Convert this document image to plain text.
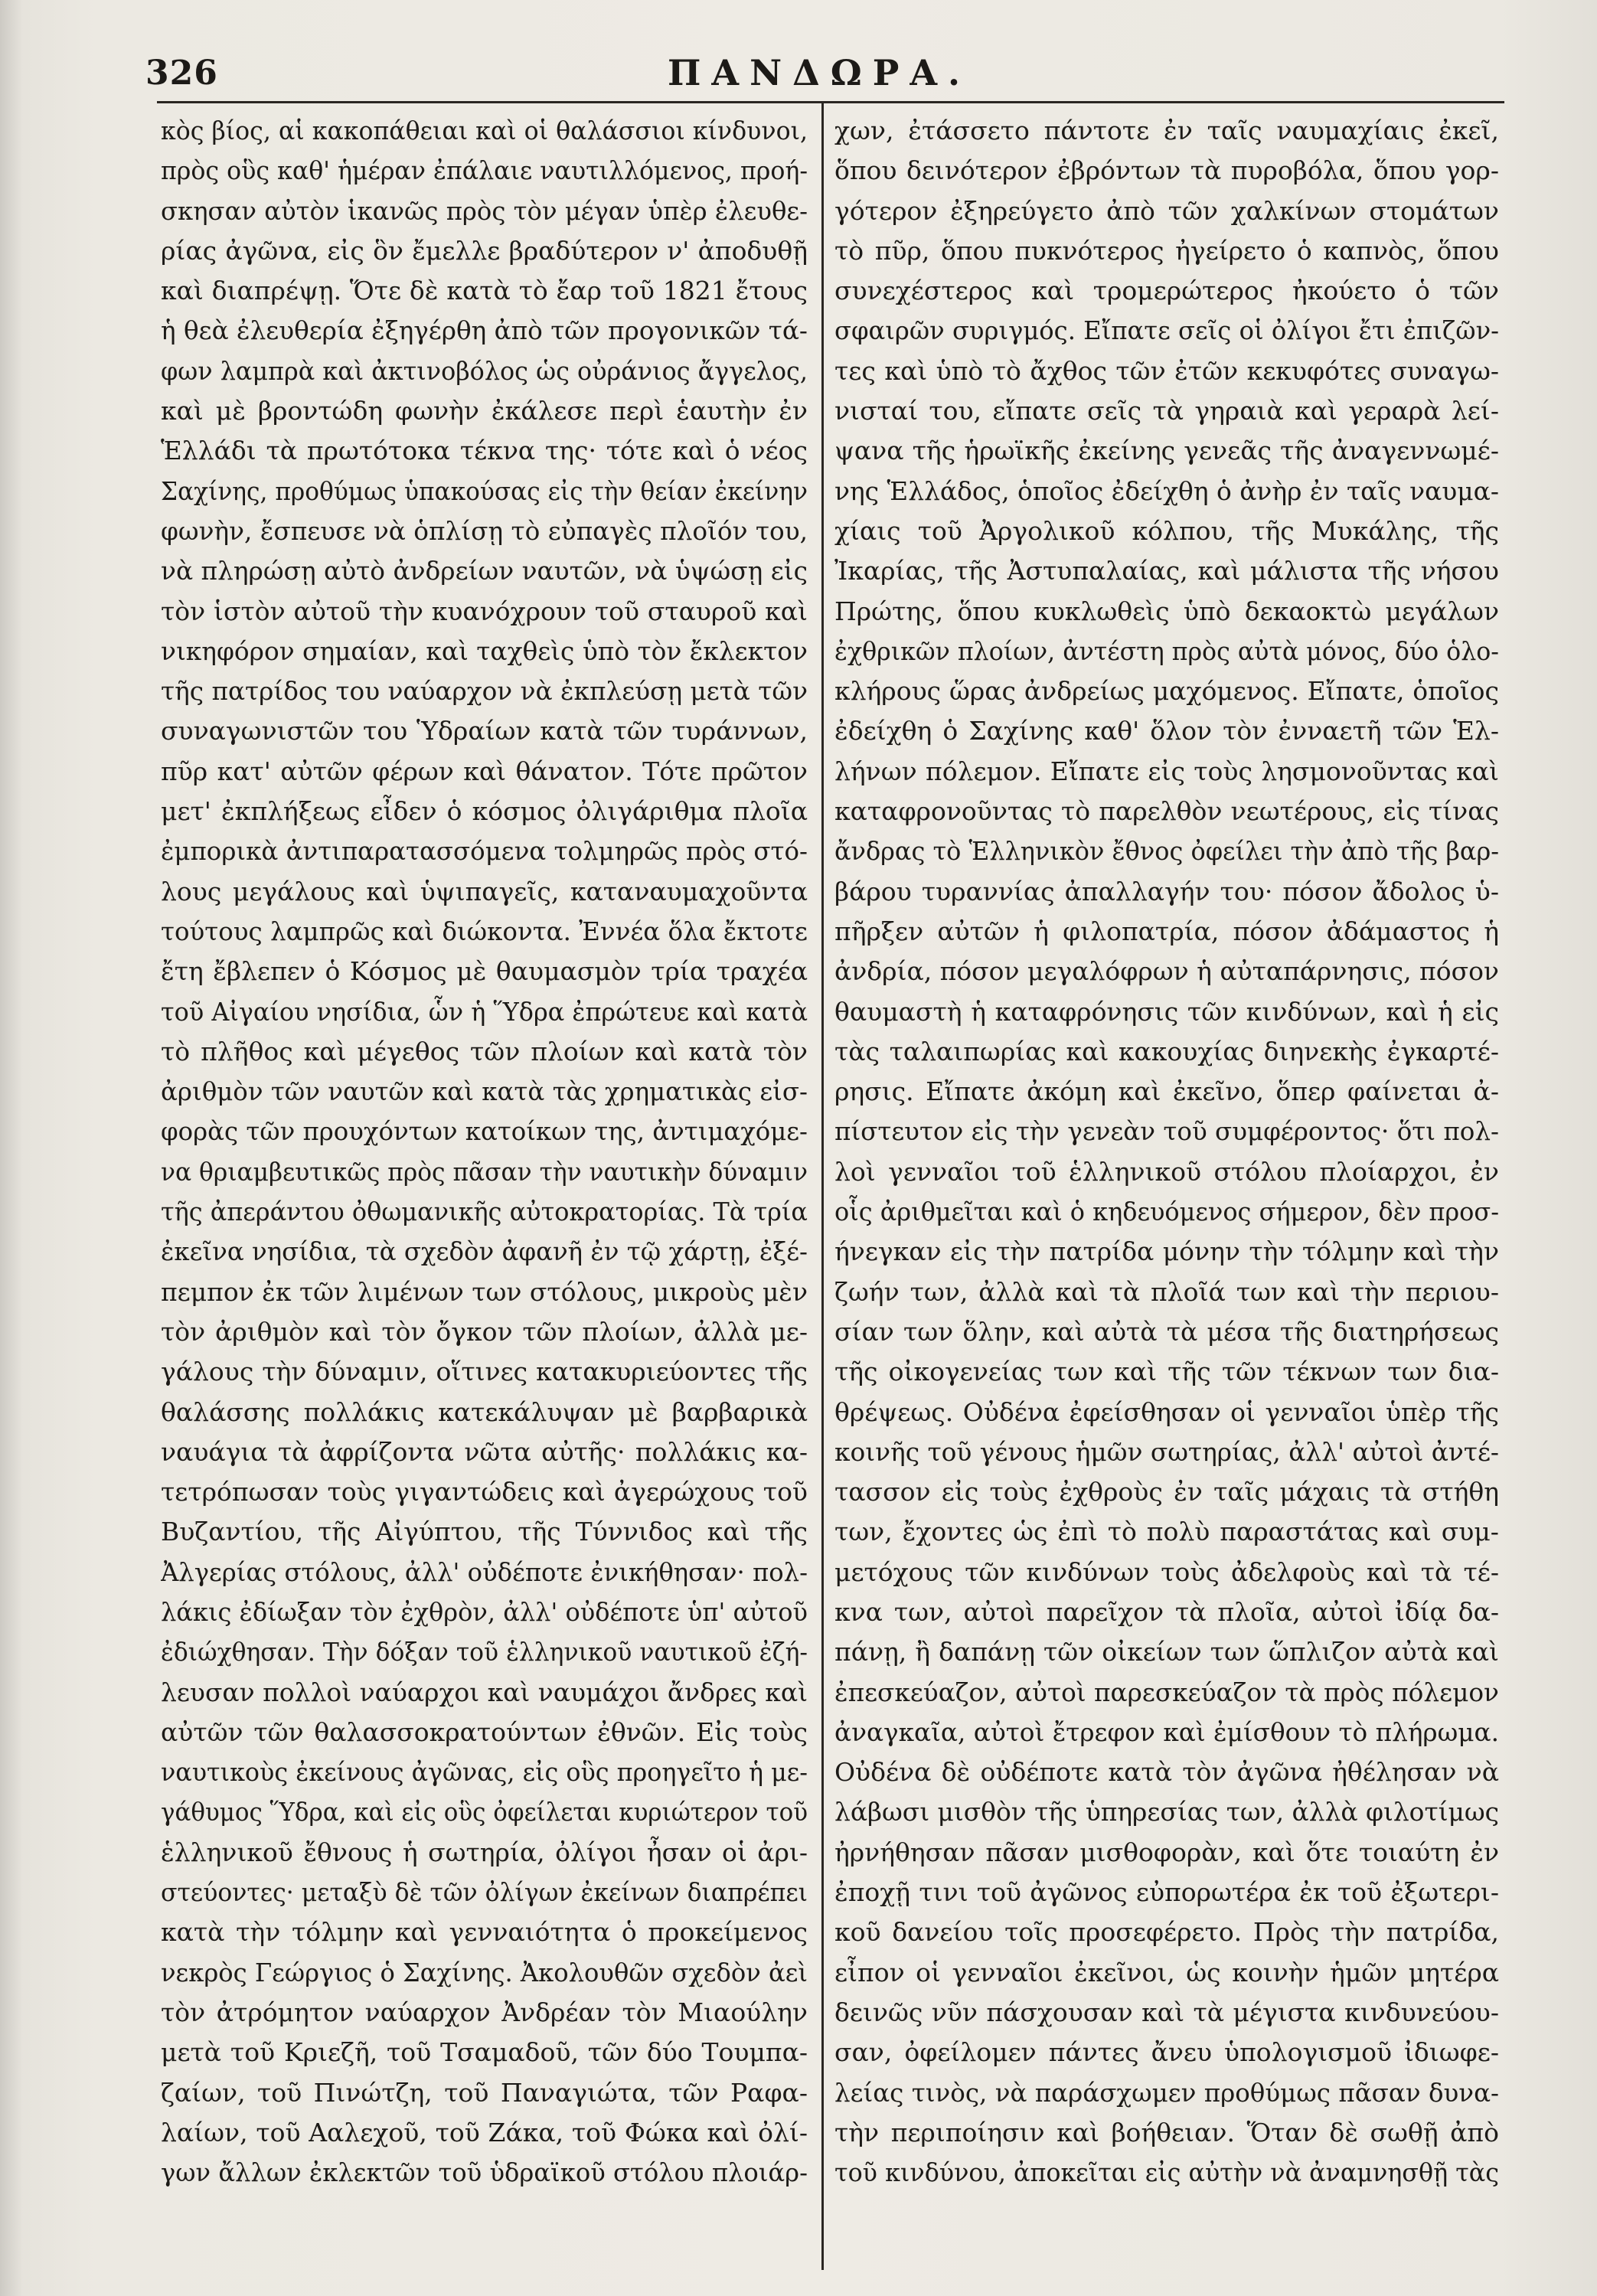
326	ΠΑΝΔΩΡΑ.
κὸς βίος, αἱ κακοπάθειαι καὶ οἱ θαλάσσιοι κίνδυνοι,
πρὸς οὓς καθ' ἡμέραν ἐπάλαιε ναυτιλλόμενος, προή-
σκησαν αὐτὸν ἱκανῶς πρὸς τὸν μέγαν ὑπὲρ ἐλευθε-
ρίας ἀγῶνα, εἰς ὃν ἔμελλε βραδύτερον ν' ἀποδυθῇ
καὶ διαπρέψῃ. Ὅτε δὲ κατὰ τὸ ἔαρ τοῦ 1821 ἔτους
ἡ θεὰ ἐλευθερία ἐξηγέρθη ἀπὸ τῶν προγονικῶν τά-
φων λαμπρὰ καὶ ἀκτινοβόλος ὡς οὐράνιος ἄγγελος,
καὶ μὲ βροντώδη φωνὴν ἐκάλεσε περὶ ἑαυτὴν ἐν
Ἑλλάδι τὰ πρωτότοκα τέκνα της· τότε καὶ ὁ νέος
Σαχίνης, προθύμως ὑπακούσας εἰς τὴν θείαν ἐκείνην
φωνὴν, ἔσπευσε νὰ ὁπλίσῃ τὸ εὐπαγὲς πλοῖόν του,
νὰ πληρώσῃ αὐτὸ ἀνδρείων ναυτῶν, νὰ ὑψώσῃ εἰς
τὸν ἱστὸν αὐτοῦ τὴν κυανόχρουν τοῦ σταυροῦ καὶ
νικηφόρον σημαίαν, καὶ ταχθεὶς ὑπὸ τὸν ἔκλεκτον
τῆς πατρίδος του ναύαρχον νὰ ἐκπλεύσῃ μετὰ τῶν
συναγωνιστῶν του Ὑδραίων κατὰ τῶν τυράννων,
πῦρ κατ' αὐτῶν φέρων καὶ θάνατον. Τότε πρῶτον
μετ' ἐκπλήξεως εἶδεν ὁ κόσμος ὀλιγάριθμα πλοῖα
ἐμπορικὰ ἀντιπαρατασσόμενα τολμηρῶς πρὸς στό-
λους μεγάλους καὶ ὑψιπαγεῖς, καταναυμαχοῦντα
τούτους λαμπρῶς καὶ διώκοντα. Ἐννέα ὅλα ἔκτοτε
ἔτη ἔβλεπεν ὁ Κόσμος μὲ θαυμασμὸν τρία τραχέα
τοῦ Αἰγαίου νησίδια, ὧν ἡ Ὕδρα ἐπρώτευε καὶ κατὰ
τὸ πλῆθος καὶ μέγεθος τῶν πλοίων καὶ κατὰ τὸν
ἀριθμὸν τῶν ναυτῶν καὶ κατὰ τὰς χρηματικὰς εἰσ-
φορὰς τῶν προυχόντων κατοίκων της, ἀντιμαχόμε-
να θριαμβευτικῶς πρὸς πᾶσαν τὴν ναυτικὴν δύναμιν
τῆς ἀπεράντου ὀθωμανικῆς αὐτοκρατορίας. Τὰ τρία
ἐκεῖνα νησίδια, τὰ σχεδὸν ἀφανῆ ἐν τῷ χάρτῃ, ἐξέ-
πεμπον ἐκ τῶν λιμένων των στόλους, μικροὺς μὲν
τὸν ἀριθμὸν καὶ τὸν ὄγκον τῶν πλοίων, ἀλλὰ με-
γάλους τὴν δύναμιν, οἵτινες κατακυριεύοντες τῆς
θαλάσσης πολλάκις κατεκάλυψαν μὲ βαρβαρικὰ
ναυάγια τὰ ἀφρίζοντα νῶτα αὐτῆς· πολλάκις κα-
τετρόπωσαν τοὺς γιγαντώδεις καὶ ἀγερώχους τοῦ
Βυζαντίου, τῆς Αἰγύπτου, τῆς Τύννιδος καὶ τῆς
Ἀλγερίας στόλους, ἀλλ' οὐδέποτε ἐνικήθησαν· πολ-
λάκις ἐδίωξαν τὸν ἐχθρὸν, ἀλλ' οὐδέποτε ὑπ' αὐτοῦ
ἐδιώχθησαν. Τὴν δόξαν τοῦ ἑλληνικοῦ ναυτικοῦ ἐζή-
λευσαν πολλοὶ ναύαρχοι καὶ ναυμάχοι ἄνδρες καὶ
αὐτῶν τῶν θαλασσοκρατούντων ἐθνῶν. Εἰς τοὺς
ναυτικοὺς ἐκείνους ἀγῶνας, εἰς οὓς προηγεῖτο ἡ με-
γάθυμος Ὕδρα, καὶ εἰς οὓς ὀφείλεται κυριώτερον τοῦ
ἑλληνικοῦ ἔθνους ἡ σωτηρία, ὀλίγοι ἦσαν οἱ ἀρι-
στεύοντες· μεταξὺ δὲ τῶν ὀλίγων ἐκείνων διαπρέπει
κατὰ τὴν τόλμην καὶ γενναιότητα ὁ προκείμενος
νεκρὸς Γεώργιος ὁ Σαχίνης. Ἀκολουθῶν σχεδὸν ἀεὶ
τὸν ἀτρόμητον ναύαρχον Ἀνδρέαν τὸν Μιαούλην
μετὰ τοῦ Κριεζῆ, τοῦ Τσαμαδοῦ, τῶν δύο Τουμπα-
ζαίων, τοῦ Πινώτζη, τοῦ Παναγιώτα, τῶν Ραφα-
λαίων, τοῦ Ααλεχοῦ, τοῦ Ζάκα, τοῦ Φώκα καὶ ὀλί-
γων ἄλλων ἐκλεκτῶν τοῦ ὑδραϊκοῦ στόλου πλοιάρ-
χων, ἐτάσσετο πάντοτε ἐν ταῖς ναυμαχίαις ἐκεῖ,
ὅπου δεινότερον ἐβρόντων τὰ πυροβόλα, ὅπου γορ-
γότερον ἐξηρεύγετο ἀπὸ τῶν χαλκίνων στομάτων
τὸ πῦρ, ὅπου πυκνότερος ἠγείρετο ὁ καπνὸς, ὅπου
συνεχέστερος καὶ τρομερώτερος ἠκούετο ὁ τῶν
σφαιρῶν συριγμός. Εἴπατε σεῖς οἱ ὀλίγοι ἔτι ἐπιζῶν-
τες καὶ ὑπὸ τὸ ἄχθος τῶν ἐτῶν κεκυφότες συναγω-
νισταί του, εἴπατε σεῖς τὰ γηραιὰ καὶ γεραρὰ λεί-
ψανα τῆς ἡρωϊκῆς ἐκείνης γενεᾶς τῆς ἀναγεννωμέ-
νης Ἑλλάδος, ὁποῖος ἐδείχθη ὁ ἀνὴρ ἐν ταῖς ναυμα-
χίαις τοῦ Ἀργολικοῦ κόλπου, τῆς Μυκάλης, τῆς
Ἰκαρίας, τῆς Ἀστυπαλαίας, καὶ μάλιστα τῆς νήσου
Πρώτης, ὅπου κυκλωθεὶς ὑπὸ δεκαοκτὼ μεγάλων
ἐχθρικῶν πλοίων, ἀντέστη πρὸς αὐτὰ μόνος, δύο ὁλο-
κλήρους ὥρας ἀνδρείως μαχόμενος. Εἴπατε, ὁποῖος
ἐδείχθη ὁ Σαχίνης καθ' ὅλον τὸν ἐνναετῆ τῶν Ἑλ-
λήνων πόλεμον. Εἴπατε εἰς τοὺς λησμονοῦντας καὶ
καταφρονοῦντας τὸ παρελθὸν νεωτέρους, εἰς τίνας
ἄνδρας τὸ Ἑλληνικὸν ἔθνος ὀφείλει τὴν ἀπὸ τῆς βαρ-
βάρου τυραννίας ἀπαλλαγήν του· πόσον ἄδολος ὑ-
πῆρξεν αὐτῶν ἡ φιλοπατρία, πόσον ἀδάμαστος ἡ
ἀνδρία, πόσον μεγαλόφρων ἡ αὐταπάρνησις, πόσον
θαυμαστὴ ἡ καταφρόνησις τῶν κινδύνων, καὶ ἡ εἰς
τὰς ταλαιπωρίας καὶ κακουχίας διηνεκὴς ἐγκαρτέ-
ρησις. Εἴπατε ἀκόμη καὶ ἐκεῖνο, ὅπερ φαίνεται ἀ-
πίστευτον εἰς τὴν γενεὰν τοῦ συμφέροντος· ὅτι πολ-
λοὶ γενναῖοι τοῦ ἑλληνικοῦ στόλου πλοίαρχοι, ἐν
οἷς ἀριθμεῖται καὶ ὁ κηδευόμενος σήμερον, δὲν προσ-
ήνεγκαν εἰς τὴν πατρίδα μόνην τὴν τόλμην καὶ τὴν
ζωήν των, ἀλλὰ καὶ τὰ πλοῖά των καὶ τὴν περιου-
σίαν των ὅλην, καὶ αὐτὰ τὰ μέσα τῆς διατηρήσεως
τῆς οἰκογενείας των καὶ τῆς τῶν τέκνων των δια-
θρέψεως. Οὐδένα ἐφείσθησαν οἱ γενναῖοι ὑπὲρ τῆς
κοινῆς τοῦ γένους ἡμῶν σωτηρίας, ἀλλ' αὐτοὶ ἀντέ-
τασσον εἰς τοὺς ἐχθροὺς ἐν ταῖς μάχαις τὰ στήθη
των, ἔχοντες ὡς ἐπὶ τὸ πολὺ παραστάτας καὶ συμ-
μετόχους τῶν κινδύνων τοὺς ἀδελφοὺς καὶ τὰ τέ-
κνα των, αὐτοὶ παρεῖχον τὰ πλοῖα, αὐτοὶ ἰδίᾳ δα-
πάνῃ, ἢ δαπάνῃ τῶν οἰκείων των ὥπλιζον αὐτὰ καὶ
ἐπεσκεύαζον, αὐτοὶ παρεσκεύαζον τὰ πρὸς πόλεμον
ἀναγκαῖα, αὐτοὶ ἔτρεφον καὶ ἐμίσθουν τὸ πλήρωμα.
Οὐδένα δὲ οὐδέποτε κατὰ τὸν ἀγῶνα ἠθέλησαν νὰ
λάβωσι μισθὸν τῆς ὑπηρεσίας των, ἀλλὰ φιλοτίμως
ἠρνήθησαν πᾶσαν μισθοφορὰν, καὶ ὅτε τοιαύτη ἐν
ἐποχῇ τινι τοῦ ἀγῶνος εὐπορωτέρα ἐκ τοῦ ἐξωτερι-
κοῦ δανείου τοῖς προσεφέρετο. Πρὸς τὴν πατρίδα,
εἶπον οἱ γενναῖοι ἐκεῖνοι, ὡς κοινὴν ἡμῶν μητέρα
δεινῶς νῦν πάσχουσαν καὶ τὰ μέγιστα κινδυνεύου-
σαν, ὀφείλομεν πάντες ἄνευ ὑπολογισμοῦ ἰδιωφε-
λείας τινὸς, νὰ παράσχωμεν προθύμως πᾶσαν δυνα-
τὴν περιποίησιν καὶ βοήθειαν. Ὅταν δὲ σωθῇ ἀπὸ
τοῦ κινδύνου, ἀποκεῖται εἰς αὐτὴν νὰ ἀναμνησθῇ τὰς
